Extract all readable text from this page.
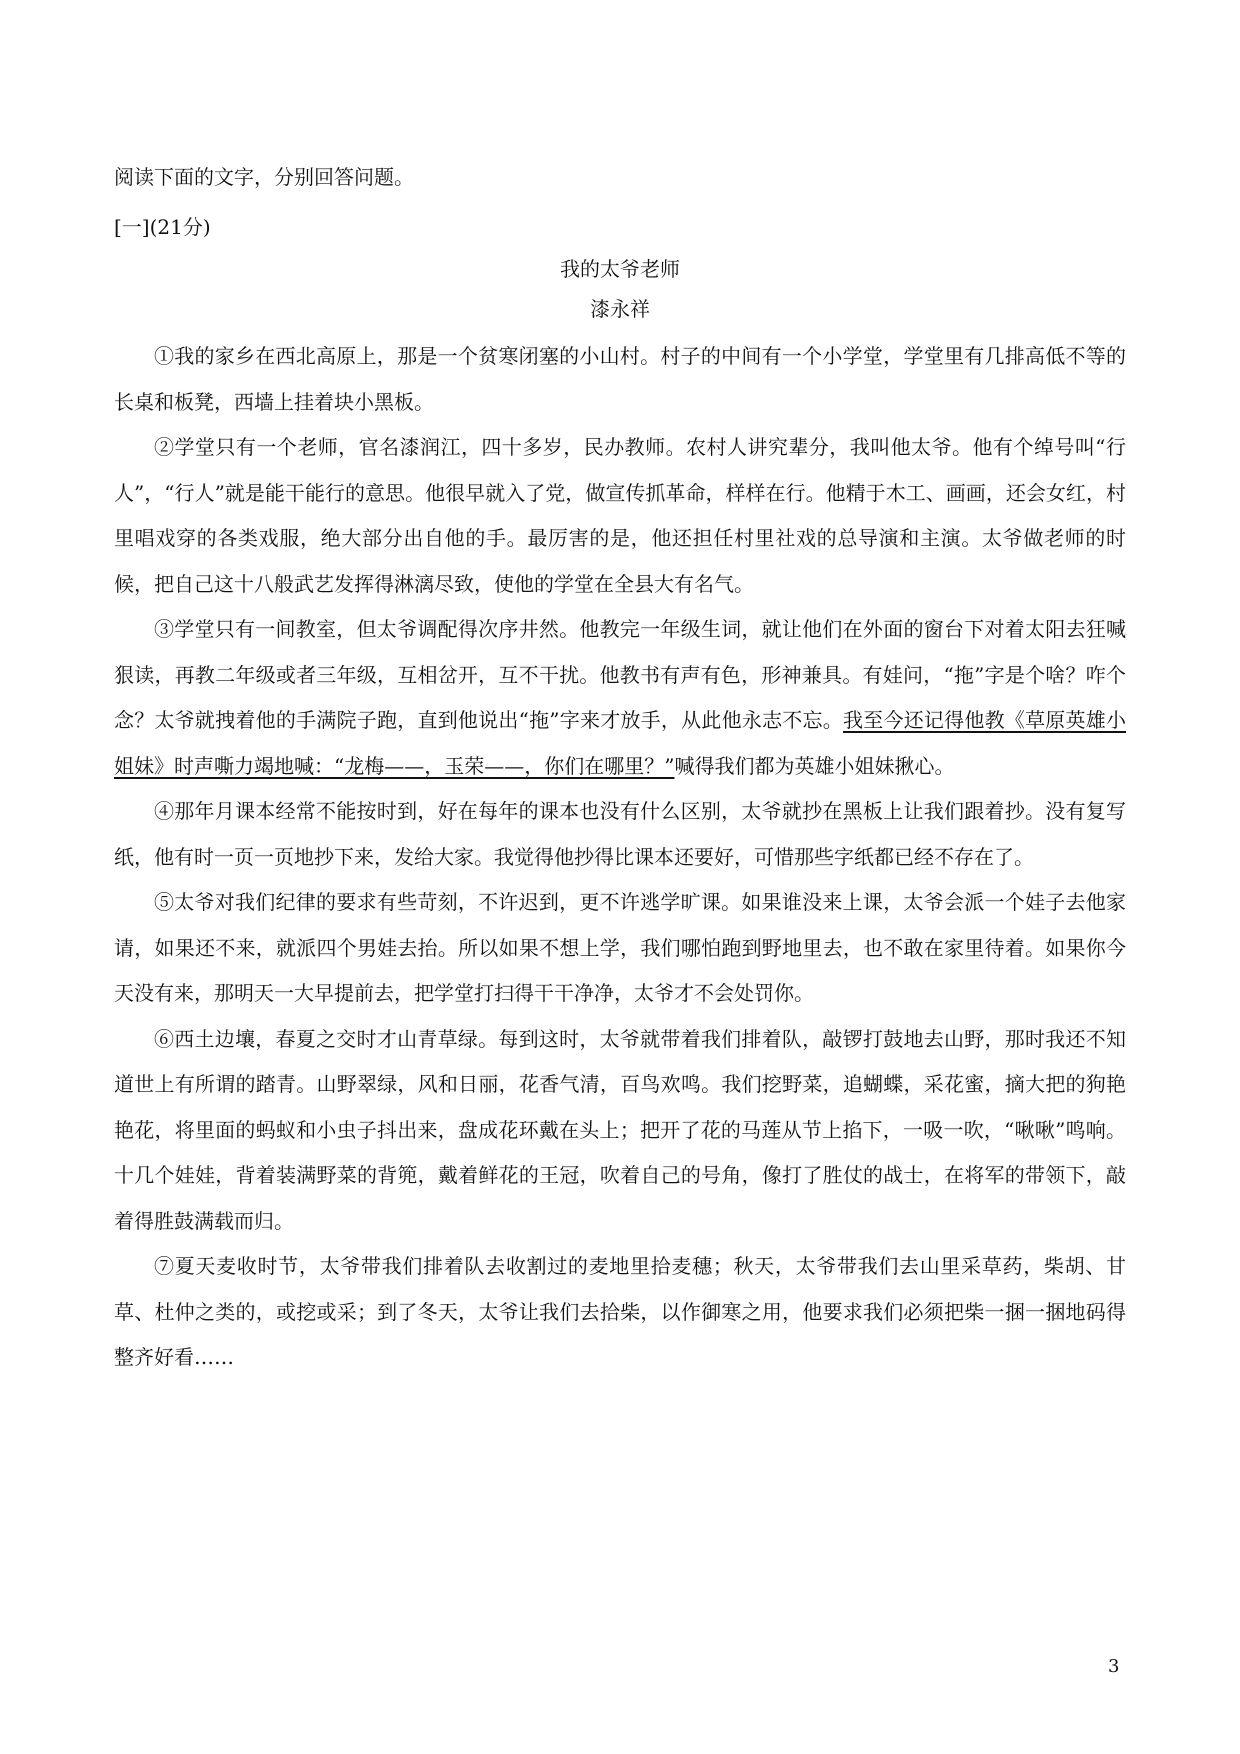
阅读下面的文字，分别回答问题。
[一](21分)
我的太爷老师
漆永祥

①我的家乡在西北高原上，那是一个贫寒闭塞的小山村。村子的中间有一个小学堂，学堂里有几排高低不等的长桌和板凳，西墙上挂着块小黑板。

②学堂只有一个老师，官名漆润江，四十多岁，民办教师。农村人讲究辈分，我叫他太爷。他有个绰号叫“行人”，“行人”就是能干能行的意思。他很早就入了党，做宣传抓革命，样样在行。他精于木工、画画，还会女红，村里唱戏穿的各类戏服，绝大部分出自他的手。最厉害的是，他还担任村里社戏的总导演和主演。太爷做老师的时候，把自己这十八般武艺发挥得淋漓尽致，使他的学堂在全县大有名气。

③学堂只有一间教室，但太爷调配得次序井然。他教完一年级生词，就让他们在外面的窗台下对着太阳去狂喊狠读，再教二年级或者三年级，互相岔开，互不干扰。他教书有声有色，形神兼具。有娃问，“拖”字是个啥？咋个念？太爷就拽着他的手满院子跑，直到他说出“拖”字来才放手，从此他永志不忘。我至今还记得他教《草原英雄小姐妹》时声嘶力竭地喊：“龙梅——，玉荣——，你们在哪里？”喊得我们都为英雄小姐妹揪心。

④那年月课本经常不能按时到，好在每年的课本也没有什么区别，太爷就抄在黑板上让我们跟着抄。没有复写纸，他有时一页一页地抄下来，发给大家。我觉得他抄得比课本还要好，可惜那些字纸都已经不存在了。

⑤太爷对我们纪律的要求有些苛刻，不许迟到，更不许逃学旷课。如果谁没来上课，太爷会派一个娃子去他家请，如果还不来，就派四个男娃去抬。所以如果不想上学，我们哪怕跑到野地里去，也不敢在家里待着。如果你今天没有来，那明天一大早提前去，把学堂打扫得干干净净，太爷才不会处罚你。

⑥西土边壤，春夏之交时才山青草绿。每到这时，太爷就带着我们排着队，敲锣打鼓地去山野，那时我还不知道世上有所谓的踏青。山野翠绿，风和日丽，花香气清，百鸟欢鸣。我们挖野菜，追蝴蝶，采花蜜，摘大把的狗艳艳花，将里面的蚂蚁和小虫子抖出来，盘成花环戴在头上；把开了花的马莲从节上掐下，一吸一吹，“啾啾”鸣响。十几个娃娃，背着装满野菜的背篼，戴着鲜花的王冠，吹着自己的号角，像打了胜仗的战士，在将军的带领下，敲着得胜鼓满载而归。

⑦夏天麦收时节，太爷带我们排着队去收割过的麦地里拾麦穗；秋天，太爷带我们去山里采草药，柴胡、甘草、杜仲之类的，或挖或采；到了冬天，太爷让我们去拾柴，以作御寒之用，他要求我们必须把柴一捆一捆地码得整齐好看……

3
